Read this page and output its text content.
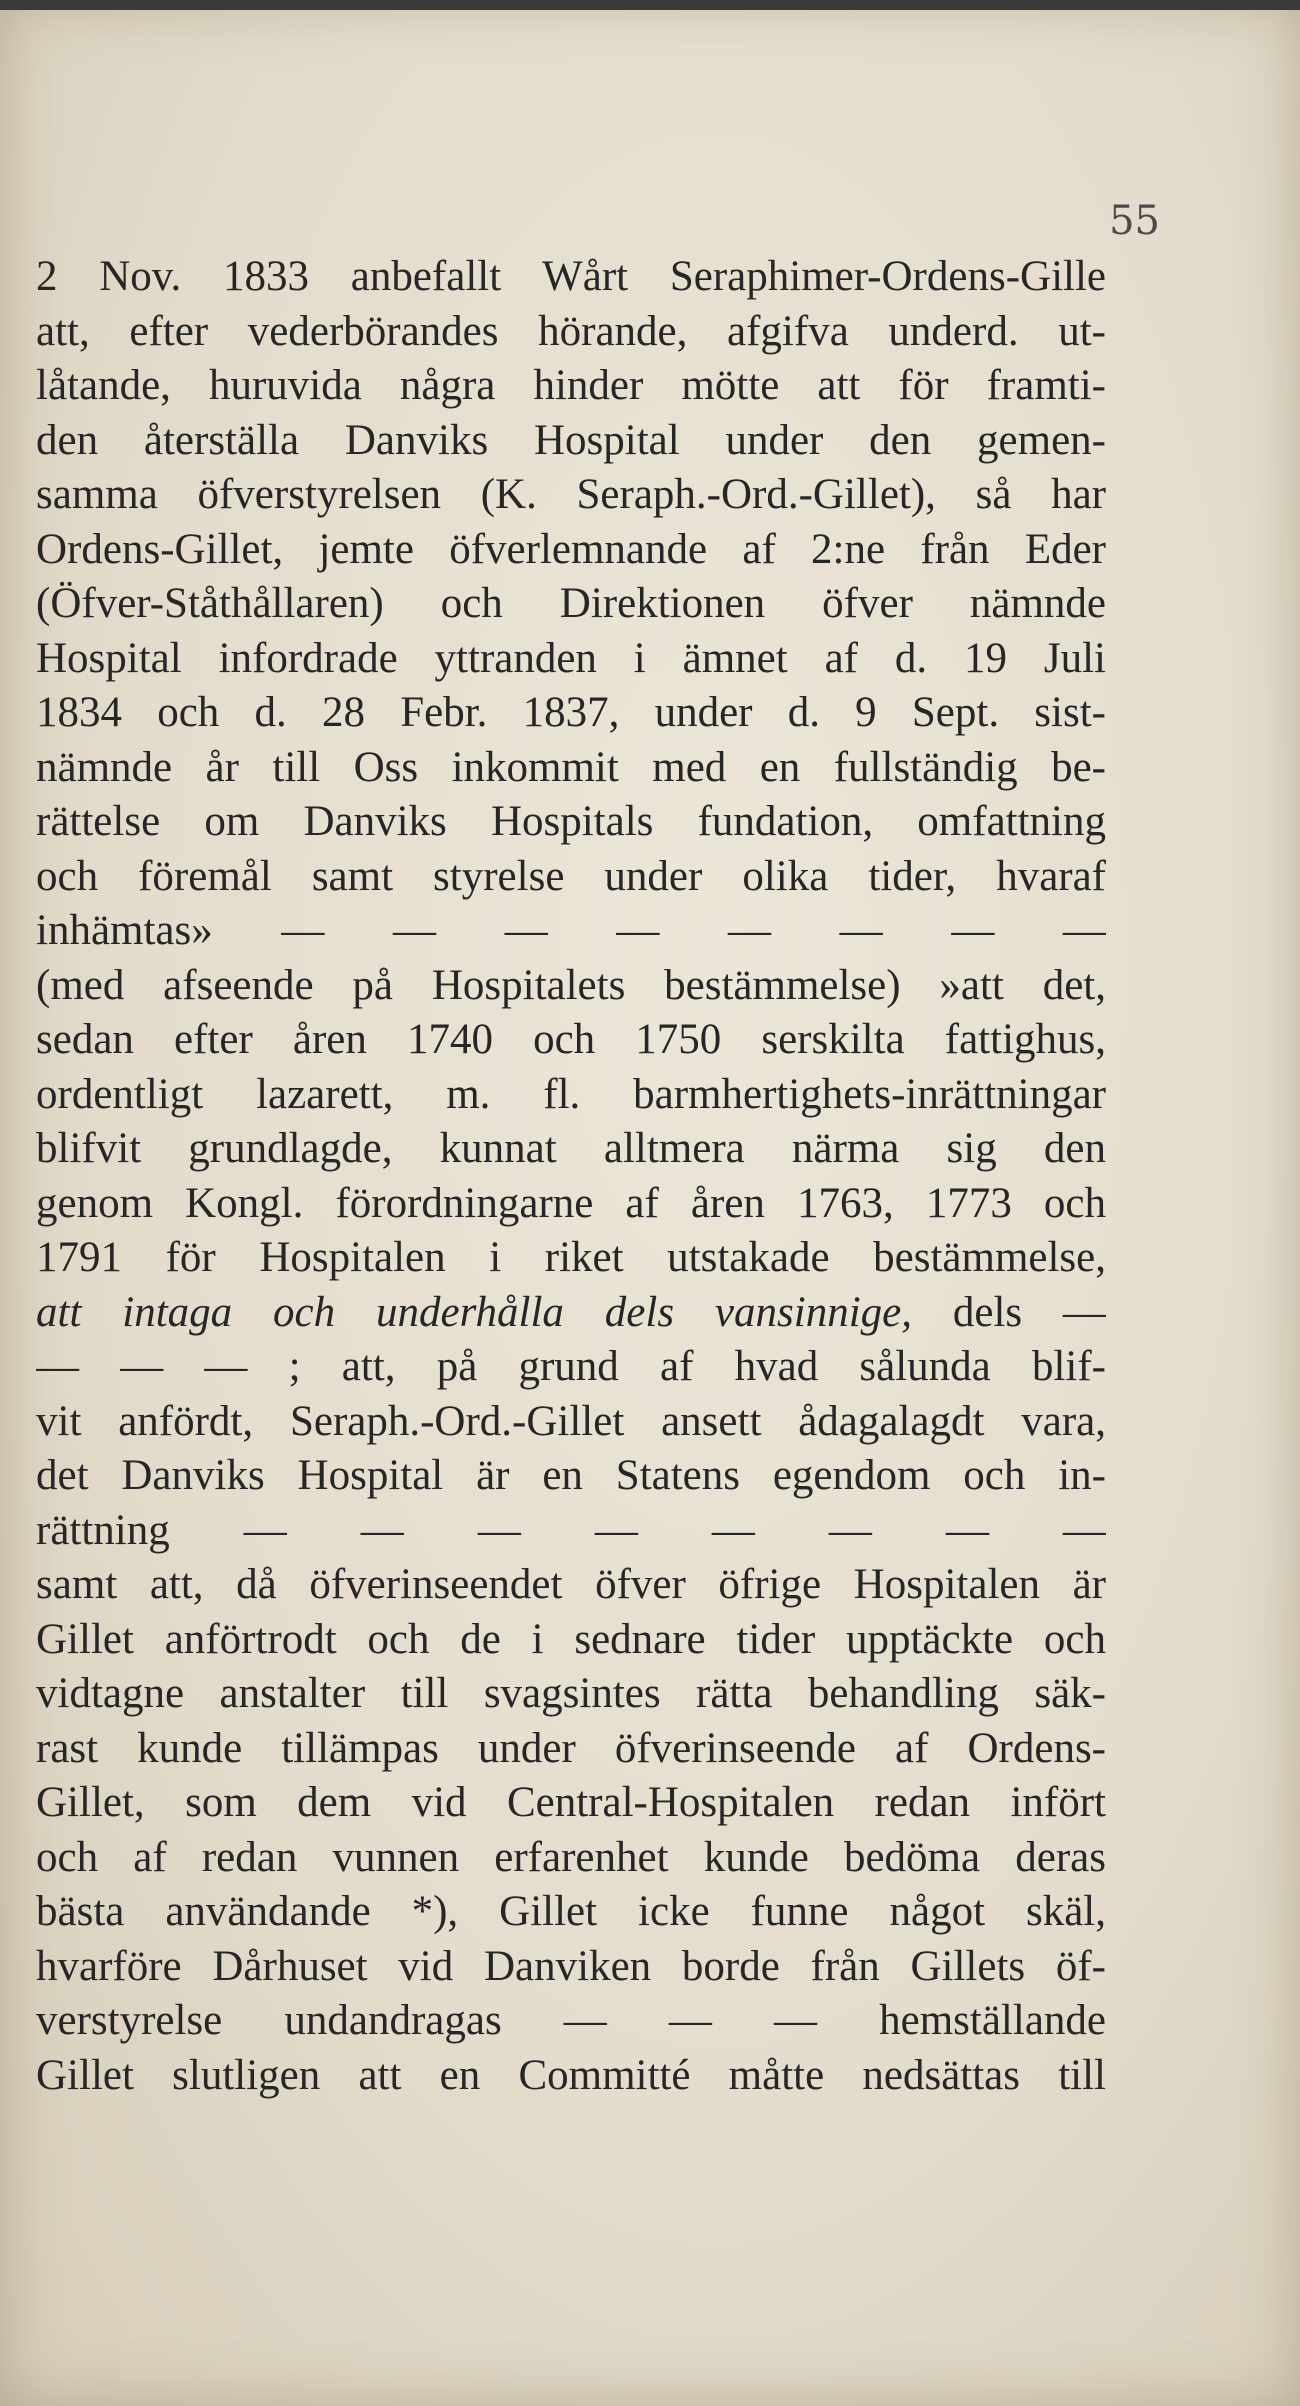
55
2 Nov. 1833 anbefallt Wårt Seraphimer-Ordens-Gille
att, efter vederbörandes hörande, afgifva underd. ut-
låtande, huruvida några hinder mötte att för framti-
den återställa Danviks Hospital under den gemen-
samma öfverstyrelsen (K. Seraph.-Ord.-Gillet), så har
Ordens-Gillet, jemte öfverlemnande af 2:ne från Eder
(Öfver-Ståthållaren) och Direktionen öfver nämnde
Hospital infordrade yttranden i ämnet af d. 19 Juli
1834 och d. 28 Febr. 1837, under d. 9 Sept. sist-
nämnde år till Oss inkommit med en fullständig be-
rättelse om Danviks Hospitals fundation, omfattning
och föremål samt styrelse under olika tider, hvaraf
inhämtas» — — — — — — — —
(med afseende på Hospitalets bestämmelse) »att det,
sedan efter åren 1740 och 1750 serskilta fattighus,
ordentligt lazarett, m. fl. barmhertighets-inrättningar
blifvit grundlagde, kunnat alltmera närma sig den
genom Kongl. förordningarne af åren 1763, 1773 och
1791 för Hospitalen i riket utstakade bestämmelse,
att intaga och underhålla dels vansinnige, dels —
— — — ; att, på grund af hvad sålunda blif-
vit anfördt, Seraph.-Ord.-Gillet ansett ådagalagdt vara,
det Danviks Hospital är en Statens egendom och in-
rättning — — — — — — — —
samt att, då öfverinseendet öfver öfrige Hospitalen är
Gillet anförtrodt och de i sednare tider upptäckte och
vidtagne anstalter till svagsintes rätta behandling säk-
rast kunde tillämpas under öfverinseende af Ordens-
Gillet, som dem vid Central-Hospitalen redan infört
och af redan vunnen erfarenhet kunde bedöma deras
bästa användande *), Gillet icke funne något skäl,
hvarföre Dårhuset vid Danviken borde från Gillets öf-
verstyrelse undandragas — — — hemställande
Gillet slutligen att en Committé måtte nedsättas till
